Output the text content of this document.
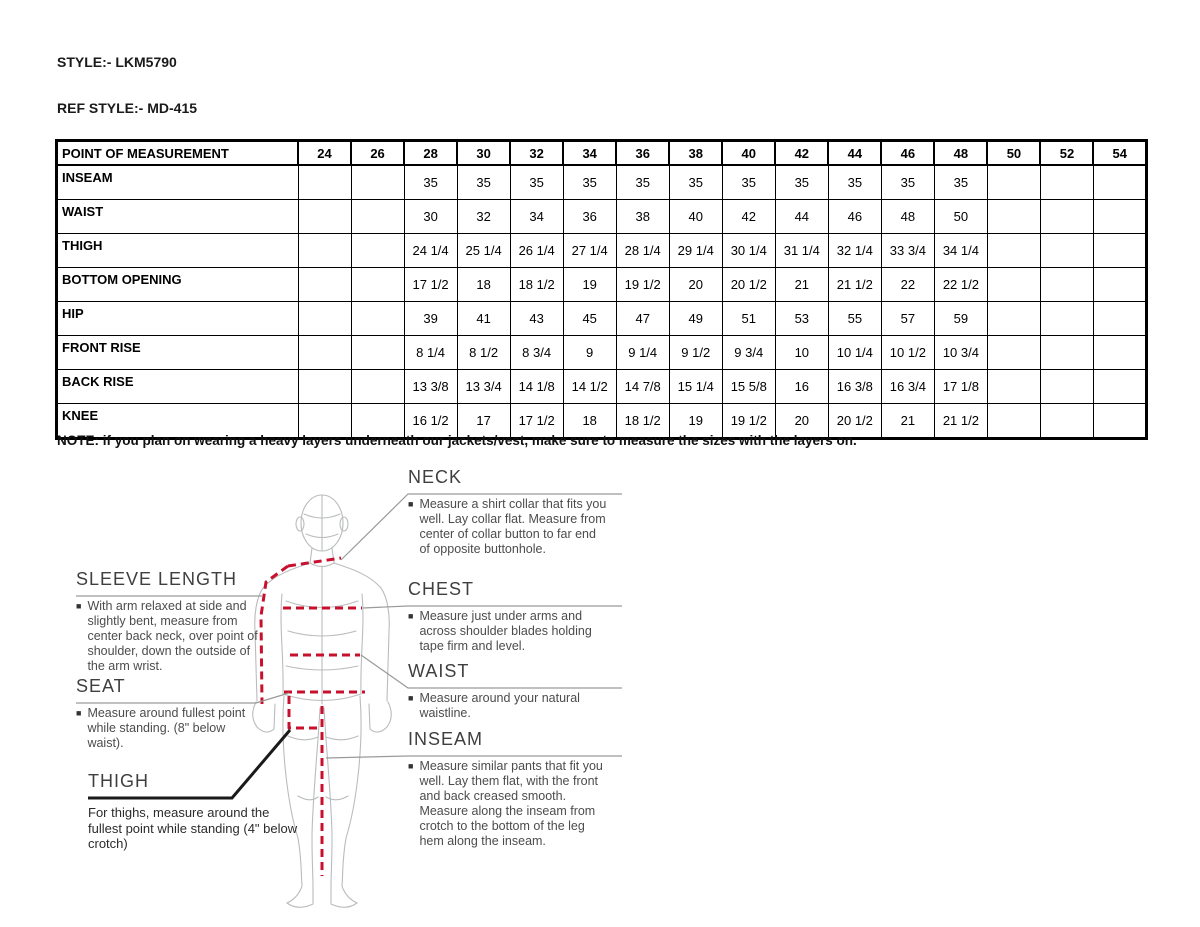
STYLE:- LKM5790
REF STYLE:- MD-415
POINT OF MEASUREMENT	24	26	28	30	32	34	36	38	40	42	44	46	48	50	52	54
INSEAM			35	35	35	35	35	35	35	35	35	35	35			
WAIST			30	32	34	36	38	40	42	44	46	48	50			
THIGH			24 1/4	25 1/4	26 1/4	27 1/4	28 1/4	29 1/4	30 1/4	31 1/4	32 1/4	33 3/4	34 1/4			
BOTTOM OPENING			17 1/2	18	18 1/2	19	19 1/2	20	20 1/2	21	21 1/2	22	22 1/2			
HIP			39	41	43	45	47	49	51	53	55	57	59			
FRONT RISE			8 1/4	8 1/2	8 3/4	9	9 1/4	9 1/2	9 3/4	10	10 1/4	10 1/2	10 3/4			
BACK RISE			13 3/8	13 3/4	14 1/8	14 1/2	14 7/8	15 1/4	15 5/8	16	16 3/8	16 3/4	17 1/8			
KNEE			16 1/2	17	17 1/2	18	18 1/2	19	19 1/2	20	20 1/2	21	21 1/2			
NOTE: if you plan on wearing a heavy layers underneath our jackets/vest, make sure to measure the sizes with the layers on.
SLEEVE LENGTH
■ With arm relaxed at side and slightly bent, measure from center back neck, over point of shoulder, down the outside of the arm wrist.
SEAT
■ Measure around fullest point while standing. (8" below waist).
THIGH
For thighs, measure around the fullest point while standing (4" below crotch)
NECK
■ Measure a shirt collar that fits you well. Lay collar flat. Measure from center of collar button to far end of opposite buttonhole.
CHEST
■ Measure just under arms and across shoulder blades holding tape firm and level.
WAIST
■ Measure around your natural waistline.
INSEAM
■ Measure similar pants that fit you well. Lay them flat, with the front and back creased smooth. Measure along the inseam from crotch to the bottom of the leg hem along the inseam.
